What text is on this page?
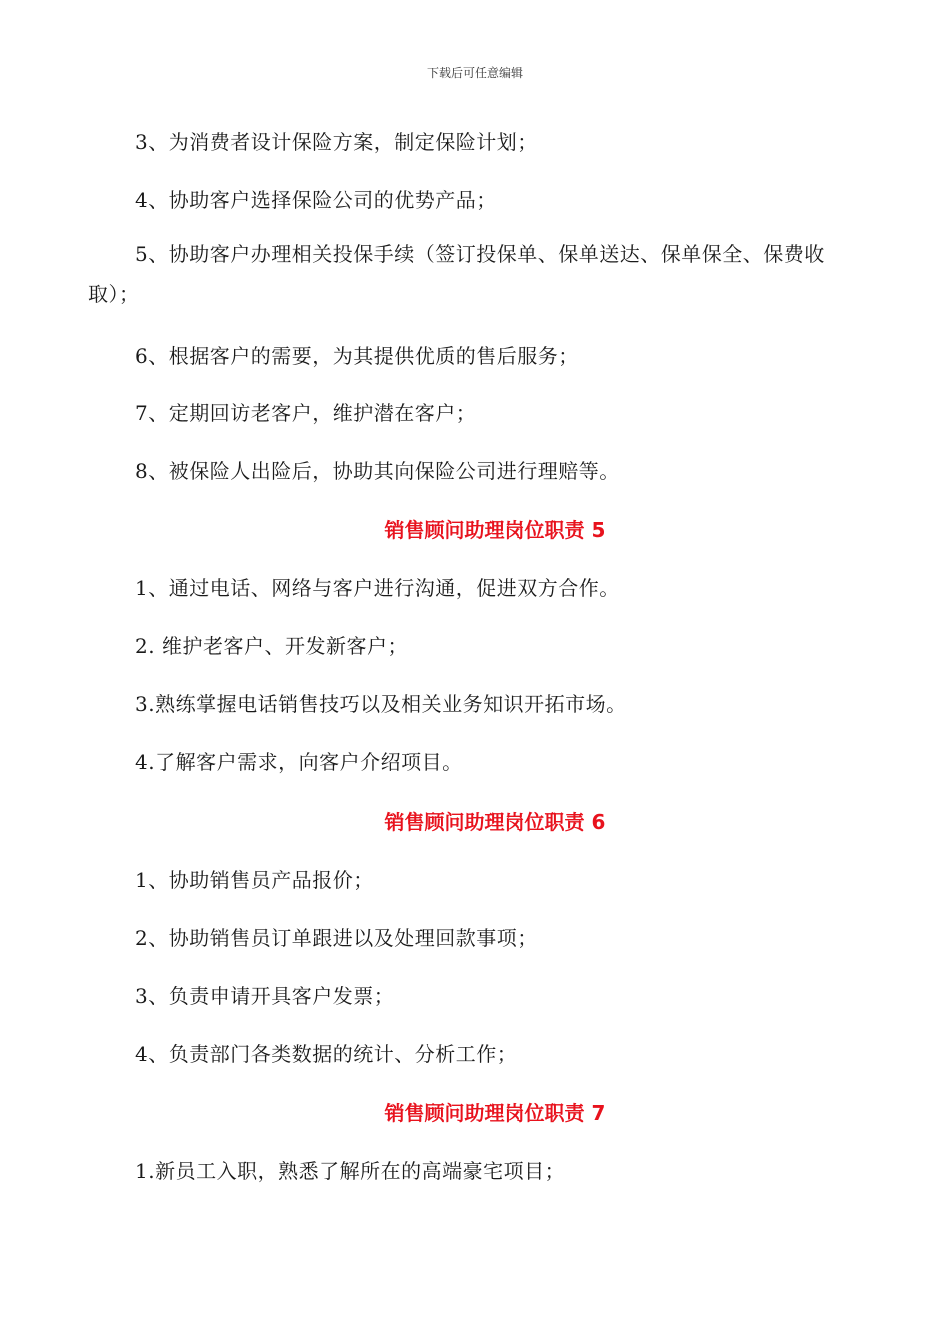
下载后可任意编辑
3、为消费者设计保险方案，制定保险计划；
4、协助客户选择保险公司的优势产品；
5、协助客户办理相关投保手续（签订投保单、保单送达、保单保全、保费收取）；
6、根据客户的需要，为其提供优质的售后服务；
7、定期回访老客户，维护潜在客户；
8、被保险人出险后，协助其向保险公司进行理赔等。
销售顾问助理岗位职责 5
1、通过电话、网络与客户进行沟通，促进双方合作。
2. 维护老客户、开发新客户；
3.熟练掌握电话销售技巧以及相关业务知识开拓市场。
4.了解客户需求，向客户介绍项目。
销售顾问助理岗位职责 6
1、协助销售员产品报价；
2、协助销售员订单跟进以及处理回款事项；
3、负责申请开具客户发票；
4、负责部门各类数据的统计、分析工作；
销售顾问助理岗位职责 7
1.新员工入职，熟悉了解所在的高端豪宅项目；
